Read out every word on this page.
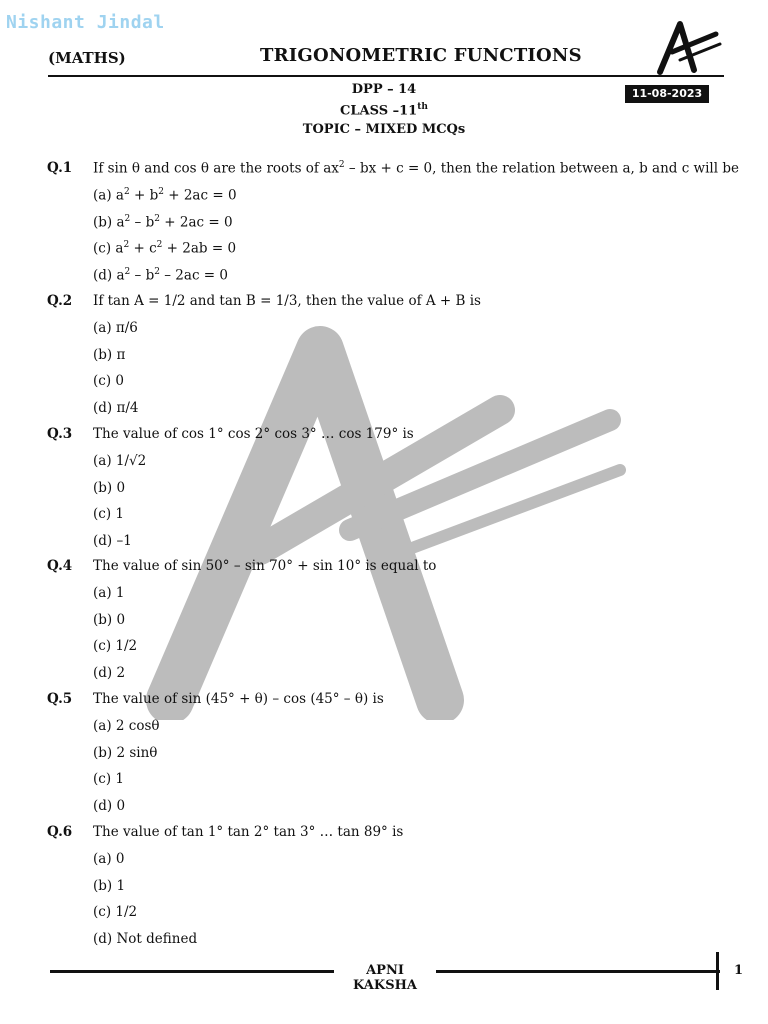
Nishant Jindal
(MATHS)	TRIGONOMETRIC FUNCTIONS
11-08-2023
DPP – 14
CLASS –11th
TOPIC – MIXED MCQs
Q.1 If sin θ and cos θ are the roots of $ax^2$ – bx + c = 0, then the relation between a, b and c will be
(a) $a^2 + b^2 + 2ac = 0$
(b) $a^2 - b^2 + 2ac = 0$
(c) $a^2 + c^2 + 2ab = 0$
(d) $a^2 - b^2 - 2ac = 0$
Q.2 If tan A = 1/2 and tan B = 1/3, then the value of A + B is
(a) π/6
(b) π
(c) 0
(d) π/4
Q.3 The value of cos 1° cos 2° cos 3° … cos 179° is
(a) 1/√2
(b) 0
(c) 1
(d) –1
Q.4 The value of sin 50° – sin 70° + sin 10° is equal to
(a) 1
(b) 0
(c) 1/2
(d) 2
Q.5 The value of sin (45° + θ) – cos (45° – θ) is
(a) 2 cosθ
(b) 2 sinθ
(c) 1
(d) 0
Q.6 The value of tan 1° tan 2° tan 3° … tan 89° is
(a) 0
(b) 1
(c) 1/2
(d) Not defined
APNI KAKSHA
1
